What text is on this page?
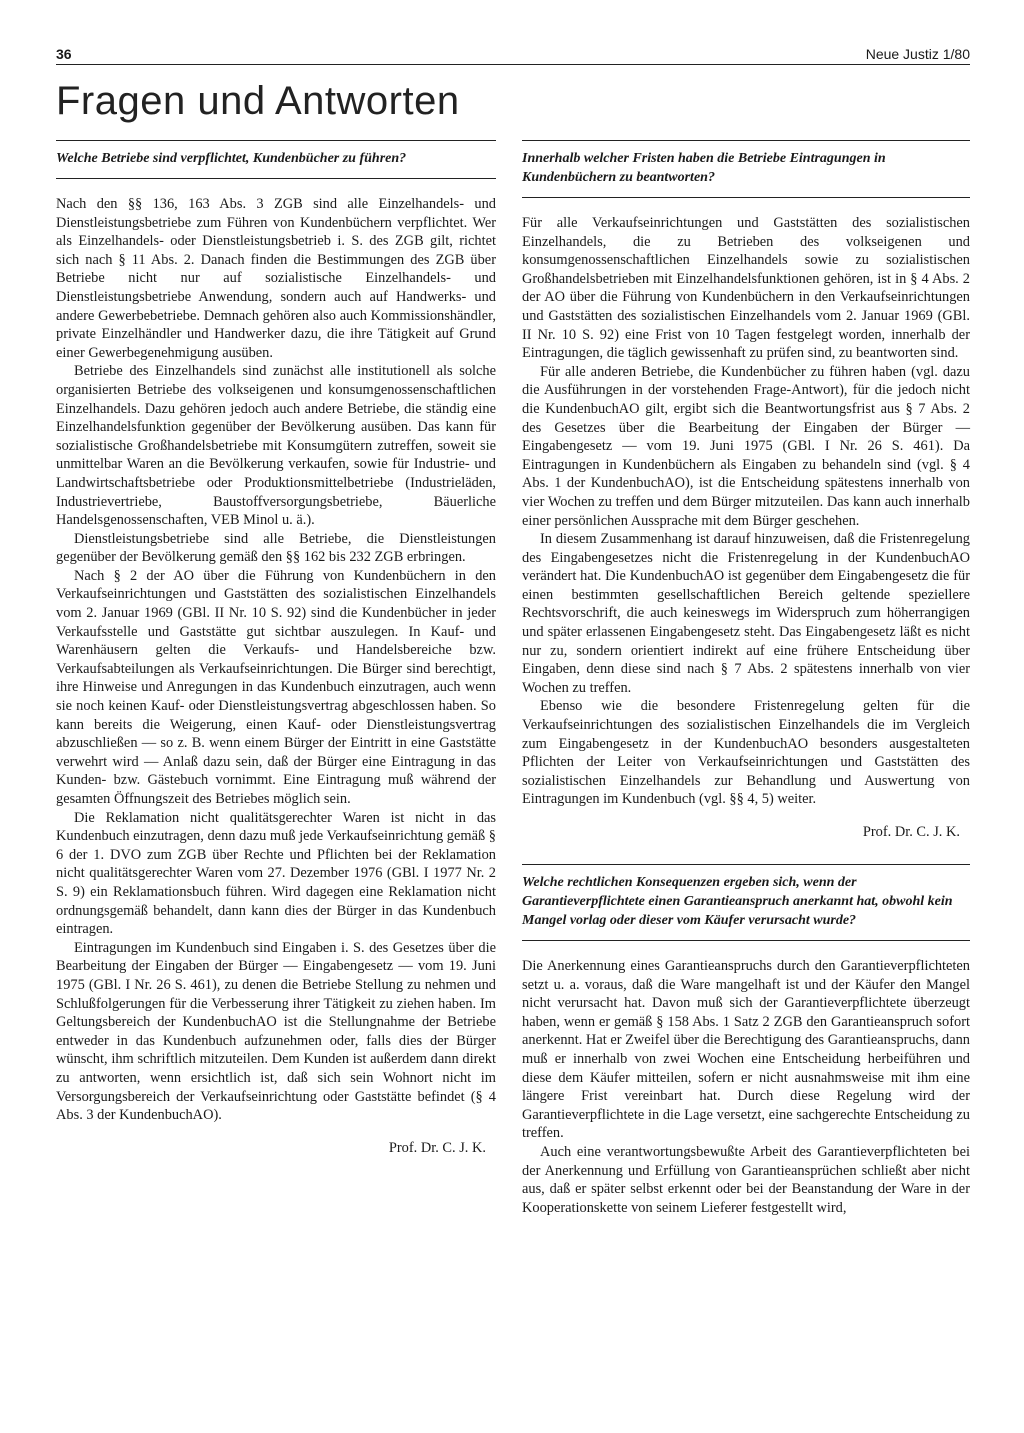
36	Neue Justiz 1/80
Fragen und Antworten
Welche Betriebe sind verpflichtet, Kundenbücher zu führen?

Nach den §§ 136, 163 Abs. 3 ZGB sind alle Einzelhandels- und Dienstleistungsbetriebe zum Führen von Kundenbüchern verpflichtet. Wer als Einzelhandels- oder Dienstleistungsbetrieb i. S. des ZGB gilt, richtet sich nach § 11 Abs. 2. Danach finden die Bestimmungen des ZGB über Betriebe nicht nur auf sozialistische Einzelhandels- und Dienstleistungsbetriebe Anwendung, sondern auch auf Handwerks- und andere Gewerbebetriebe. Demnach gehören also auch Kommissionshändler, private Einzelhändler und Handwerker dazu, die ihre Tätigkeit auf Grund einer Gewerbegenehmigung ausüben.

Betriebe des Einzelhandels sind zunächst alle institutionell als solche organisierten Betriebe des volkseigenen und konsumgenossenschaftlichen Einzelhandels. Dazu gehören jedoch auch andere Betriebe, die ständig eine Einzelhandelsfunktion gegenüber der Bevölkerung ausüben. Das kann für sozialistische Großhandelsbetriebe mit Konsumgütern zutreffen, soweit sie unmittelbar Waren an die Bevölkerung verkaufen, sowie für Industrie- und Landwirtschaftsbetriebe oder Produktionsmittelbetriebe (Industrieläden, Industrievertriebe, Baustoffversorgungsbetriebe, Bäuerliche Handelsgenossenschaften, VEB Minol u. ä.).

Dienstleistungsbetriebe sind alle Betriebe, die Dienstleistungen gegenüber der Bevölkerung gemäß den §§ 162 bis 232 ZGB erbringen.

Nach § 2 der AO über die Führung von Kundenbüchern in den Verkaufseinrichtungen und Gaststätten des sozialistischen Einzelhandels vom 2. Januar 1969 (GBl. II Nr. 10 S. 92) sind die Kundenbücher in jeder Verkaufsstelle und Gaststätte gut sichtbar auszulegen. In Kauf- und Warenhäusern gelten die Verkaufs- und Handelsbereiche bzw. Verkaufsabteilungen als Verkaufseinrichtungen. Die Bürger sind berechtigt, ihre Hinweise und Anregungen in das Kundenbuch einzutragen, auch wenn sie noch keinen Kauf- oder Dienstleistungsvertrag abgeschlossen haben. So kann bereits die Weigerung, einen Kauf- oder Dienstleistungsvertrag abzuschließen — so z. B. wenn einem Bürger der Eintritt in eine Gaststätte verwehrt wird — Anlaß dazu sein, daß der Bürger eine Eintragung in das Kunden- bzw. Gästebuch vornimmt. Eine Eintragung muß während der gesamten Öffnungszeit des Betriebes möglich sein.

Die Reklamation nicht qualitätsgerechter Waren ist nicht in das Kundenbuch einzutragen, denn dazu muß jede Verkaufseinrichtung gemäß § 6 der 1. DVO zum ZGB über Rechte und Pflichten bei der Reklamation nicht qualitätsgerechter Waren vom 27. Dezember 1976 (GBl. I 1977 Nr. 2 S. 9) ein Reklamationsbuch führen. Wird dagegen eine Reklamation nicht ordnungsgemäß behandelt, dann kann dies der Bürger in das Kundenbuch eintragen.

Eintragungen im Kundenbuch sind Eingaben i. S. des Gesetzes über die Bearbeitung der Eingaben der Bürger — Eingabengesetz — vom 19. Juni 1975 (GBl. I Nr. 26 S. 461), zu denen die Betriebe Stellung zu nehmen und Schlußfolgerungen für die Verbesserung ihrer Tätigkeit zu ziehen haben. Im Geltungsbereich der KundenbuchAO ist die Stellungnahme der Betriebe entweder in das Kundenbuch aufzunehmen oder, falls dies der Bürger wünscht, ihm schriftlich mitzuteilen. Dem Kunden ist außerdem dann direkt zu antworten, wenn ersichtlich ist, daß sich sein Wohnort nicht im Versorgungsbereich der Verkaufseinrichtung oder Gaststätte befindet (§ 4 Abs. 3 der KundenbuchAO).

Prof. Dr. C. J. K.
Innerhalb welcher Fristen haben die Betriebe Eintragungen in Kundenbüchern zu beantworten?

Für alle Verkaufseinrichtungen und Gaststätten des sozialistischen Einzelhandels, die zu Betrieben des volkseigenen und konsumgenossenschaftlichen Einzelhandels sowie zu sozialistischen Großhandelsbetrieben mit Einzelhandelsfunktionen gehören, ist in § 4 Abs. 2 der AO über die Führung von Kundenbüchern in den Verkaufseinrichtungen und Gaststätten des sozialistischen Einzelhandels vom 2. Januar 1969 (GBl. II Nr. 10 S. 92) eine Frist von 10 Tagen festgelegt worden, innerhalb der Eintragungen, die täglich gewissenhaft zu prüfen sind, zu beantworten sind.

Für alle anderen Betriebe, die Kundenbücher zu führen haben (vgl. dazu die Ausführungen in der vorstehenden Frage-Antwort), für die jedoch nicht die KundenbuchAO gilt, ergibt sich die Beantwortungsfrist aus § 7 Abs. 2 des Gesetzes über die Bearbeitung der Eingaben der Bürger — Eingabengesetz — vom 19. Juni 1975 (GBl. I Nr. 26 S. 461). Da Eintragungen in Kundenbüchern als Eingaben zu behandeln sind (vgl. § 4 Abs. 1 der KundenbuchAO), ist die Entscheidung spätestens innerhalb von vier Wochen zu treffen und dem Bürger mitzuteilen. Das kann auch innerhalb einer persönlichen Aussprache mit dem Bürger geschehen.

In diesem Zusammenhang ist darauf hinzuweisen, daß die Fristenregelung des Eingabengesetzes nicht die Fristenregelung in der KundenbuchAO verändert hat. Die KundenbuchAO ist gegenüber dem Eingabengesetz die für einen bestimmten gesellschaftlichen Bereich geltende speziellere Rechtsvorschrift, die auch keineswegs im Widerspruch zum höherrangigen und später erlassenen Eingabengesetz steht. Das Eingabengesetz läßt es nicht nur zu, sondern orientiert indirekt auf eine frühere Entscheidung über Eingaben, denn diese sind nach § 7 Abs. 2 spätestens innerhalb von vier Wochen zu treffen.

Ebenso wie die besondere Fristenregelung gelten für die Verkaufseinrichtungen des sozialistischen Einzelhandels die im Vergleich zum Eingabengesetz in der KundenbuchAO besonders ausgestalteten Pflichten der Leiter von Verkaufseinrichtungen und Gaststätten des sozialistischen Einzelhandels zur Behandlung und Auswertung von Eintragungen im Kundenbuch (vgl. §§ 4, 5) weiter.

Prof. Dr. C. J. K.
Welche rechtlichen Konsequenzen ergeben sich, wenn der Garantieverpflichtete einen Garantieanspruch anerkannt hat, obwohl kein Mangel vorlag oder dieser vom Käufer verursacht wurde?

Die Anerkennung eines Garantieanspruchs durch den Garantieverpflichteten setzt u. a. voraus, daß die Ware mangelhaft ist und der Käufer den Mangel nicht verursacht hat. Davon muß sich der Garantieverpflichtete überzeugt haben, wenn er gemäß § 158 Abs. 1 Satz 2 ZGB den Garantieanspruch sofort anerkennt. Hat er Zweifel über die Berechtigung des Garantieanspruchs, dann muß er innerhalb von zwei Wochen eine Entscheidung herbeiführen und diese dem Käufer mitteilen, sofern er nicht ausnahmsweise mit ihm eine längere Frist vereinbart hat. Durch diese Regelung wird der Garantieverpflichtete in die Lage versetzt, eine sachgerechte Entscheidung zu treffen.

Auch eine verantwortungsbewußte Arbeit des Garantieverpflichteten bei der Anerkennung und Erfüllung von Garantieansprüchen schließt aber nicht aus, daß er später selbst erkennt oder bei der Beanstandung der Ware in der Kooperationskette von seinem Lieferer festgestellt wird,
